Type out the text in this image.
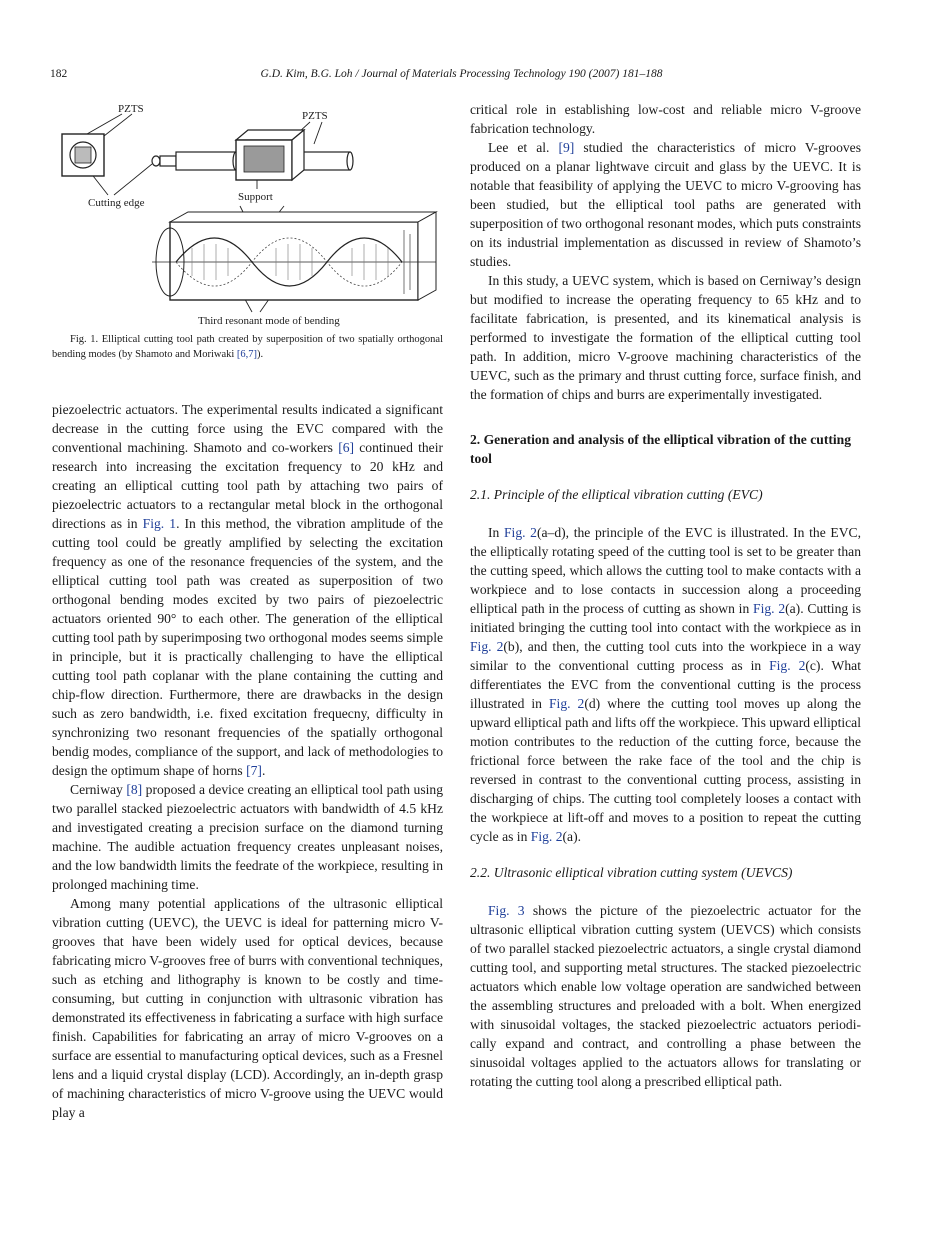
182	G.D. Kim, B.G. Loh / Journal of Materials Processing Technology 190 (2007) 181–188
PZTS
PZTS
Cutting edge	Support
Third resonant mode of bending

Fig. 1. Elliptical cutting tool path created by superposition of two spatially orthogonal bending modes (by Shamoto and Moriwaki [6,7]).

piezoelectric actuators. The experimental results indicated a significant decrease in the cutting force using the EVC compared with the conventional machining. Shamoto and co-workers [6] continued their research into increasing the excitation frequency to 20 kHz and creating an elliptical cutting tool path by attaching two pairs of piezoelectric actuators to a rectangular metal block in the orthogonal directions as in Fig. 1. In this method, the vibration amplitude of the cutting tool could be greatly amplified by selecting the excitation frequency as one of the resonance frequencies of the system, and the elliptical cutting tool path was created as superposition of two orthogonal bending modes excited by two pairs of piezoelectric actuators oriented 90° to each other. The generation of the elliptical cutting tool path by superimposing two orthogonal modes seems simple in principle, but it is practically challenging to have the elliptical cutting tool path coplanar with the plane containing the cutting and chip-flow direction. Furthermore, there are drawbacks in the design such as zero bandwidth, i.e. fixed excitation frequecny, difficulty in synchronizing two resonant frequencies of the spatially orthogonal bendig modes, compliance of the support, and lack of methodologies to design the optimum shape of horns [7].

Cerniway [8] proposed a device creating an elliptical tool path using two parallel stacked piezoelectric actuators with bandwidth of 4.5 kHz and investigated creating a precision surface on the diamond turning machine. The audible actuation frequency creates unpleasant noises, and the low bandwidth limits the feedrate of the workpiece, resulting in prolonged machining time.

Among many potential applications of the ultrasonic elliptical vibration cutting (UEVC), the UEVC is ideal for patterning micro V-grooves that have been widely used for optical devices, because fabricating micro V-grooves free of burrs with conventional techniques, such as etching and lithography is known to be costly and time-consuming, but cutting in conjunction with ultrasonic vibration has demonstrated its effectiveness in fabricating a surface with high surface finish. Capabilities for fabricating an array of micro V-grooves on a surface are essential to manufacturing optical devices, such as a Fresnel lens and a liquid crystal display (LCD). Accordingly, an in-depth grasp of machining characteristics of micro V-groove using the UEVC would play a

critical role in establishing low-cost and reliable micro V-groove fabrication technology.

Lee et al. [9] studied the characteristics of micro V-grooves produced on a planar lightwave circuit and glass by the UEVC. It is notable that feasibility of applying the UEVC to micro V-grooving has been studied, but the elliptical tool paths are generated with superposition of two orthogonal resonant modes, which puts constraints on its industrial implementation as discussed in review of Shamoto’s studies.

In this study, a UEVC system, which is based on Cerniway’s design but modified to increase the operating frequency to 65 kHz and to facilitate fabrication, is presented, and its kinematical analysis is performed to investigate the formation of the elliptical cutting tool path. In addition, micro V-groove machining characteristics of the UEVC, such as the primary and thrust cutting force, surface finish, and the formation of chips and burrs are experimentally investigated.

2. Generation and analysis of the elliptical vibration of the cutting tool
2.1. Principle of the elliptical vibration cutting (EVC)

In Fig. 2(a–d), the principle of the EVC is illustrated. In the EVC, the elliptically rotating speed of the cutting tool is set to be greater than the cutting speed, which allows the cutting tool to make contacts with a workpiece and to lose contacts in succession along a proceeding elliptical path in the process of cutting as shown in Fig. 2(a). Cutting is initiated bringing the cutting tool into contact with the workpiece as in Fig. 2(b), and then, the cutting tool cuts into the workpiece in a way similar to the conventional cutting process as in Fig. 2(c). What differentiates the EVC from the conventional cutting is the process illustrated in Fig. 2(d) where the cutting tool moves up along the upward elliptical path and lifts off the workpiece. This upward elliptical motion contributes to the reduction of the cutting force, because the frictional force between the rake face of the tool and the chip is reversed in contrast to the conventional cutting process, assisting in discharging of chips. The cutting tool completely looses a contact with the workpiece at lift-off and moves to a position to repeat the cutting cycle as in Fig. 2(a).

2.2. Ultrasonic elliptical vibration cutting system (UEVCS)

Fig. 3 shows the picture of the piezoelectric actuator for the ultrasonic elliptical vibration cutting system (UEVCS) which consists of two parallel stacked piezoelectric actuators, a single crystal diamond cutting tool, and supporting metal structures. The stacked piezoelectric actuators which enable low voltage operation are sandwiched between the assembling structures and preloaded with a bolt. When energized with sinusoidal voltages, the stacked piezoelectric actuators periodically expand and contract, and controlling a phase between the sinusoidal voltages applied to the actuators allows for translating or rotating the cutting tool along a prescribed elliptical path.
